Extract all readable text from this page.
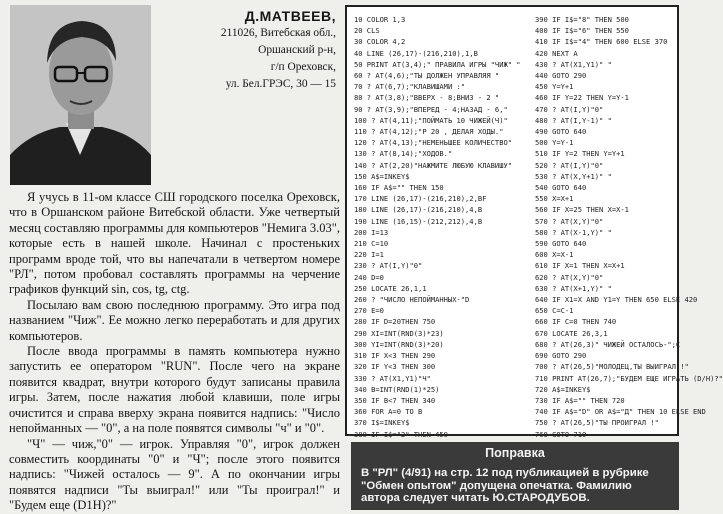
Д.МАТВЕЕВ,
211026, Витебская обл.,
Оршанский р-н,
г/п Ореховск,
ул. Бел.ГРЭС, 30 — 15

Я учусь в 11-ом классе СШ городского поселка Ореховск, что в Оршанском районе Витебской области. Уже четвертый месяц составляю программы для компьютеров "Немига 3.03", которые есть в нашей школе. Начинал с простеньких программ вроде той, что вы напечатали в четвертом номере "РЛ", потом пробовал составлять программы на черчение графиков функций sin, cos, tg, ctg.

Посылаю вам свою последнюю программу. Это игра под названием "Чиж". Ее можно легко переработать и для других компьютеров.

После ввода программы в память компьютера нужно запустить ее оператором "RUN". После чего на экране появится квадрат, внутри которого будут записаны правила игры. Затем, после нажатия любой клавиши, поле игры очистится и справа вверху экрана появится надпись: "Число непойманных — "0", а на поле появятся символы "ч" и "0".

"Ч" — чиж,"0" — игрок. Управляя "0", игрок должен совместить координаты "0" и "Ч"; после этого появится надпись: "Чижей осталось — 9". А по окончании игры появятся надписи "Ты выиграл!" или "Ты проиграл!" и "Будем еще (D1H)?"

10 COLOR 1,3
20 CLS
30 COLOR 4,2
40 LINE (26,17)-(216,210),1,B
50 PRINT AT(3,4);" ПРАВИЛА ИГРЫ "ЧИЖ" "
60 ? AT(4,6);"ТЫ ДОЛЖЕН УПРАВЛЯЯ "
70 ? AT(6,7);"КЛАВИШАМИ :"
80 ? AT(3,8);"ВВЕРХ - 8;ВНИЗ - 2 "
90 ? AT(3,9);"ВПЕРЕД - 4;НАЗАД - 6,"
100 ? AT(4,11);"ПОЙМАТЬ 10 ЧИЖЕЙ(Ч)"
110 ? AT(4,12);"Р 20 , ДЕЛАЯ ХОДЫ."
120 ? AT(4,13);"НЕМЕНЬШЕЕ КОЛИЧЕСТВО"
130 ? AT(8,14);"ХОДОВ."
140 ? AT(2,20)"НАЖМИТЕ ЛЮБУЮ КЛАВИШУ"
150 A$=INKEY$
160 IF A$="" THEN 150
170 LINE (26,17)-(216,210),2,BF
180 LINE (26,17)-(216,210),4,B
190 LINE (16,15)-(212,212),4,B
200 I=13
210 C=10
220 I=1
230 ? AT(I,Y)"0"
240 D=0
250 LOCATE 26,1,1
260 ? "ЧИСЛО НЕПОЙМАННЫХ-"D
270 E=0
280 IF D=20THEN 750
290 XI=INT(RND(3)*23)
300 YI=INT(RND(3)*20)
310 IF X<3 THEN 290
320 IF Y<3 THEN 300
330 ? AT(X1,Y1)"Ч"
340 B=INT(RND(1)*25)
350 IF B<7 THEN 340
360 FOR A=0 TO B
370 I$=INKEY$
380 IF I$="2" THEN 450
390 IF I$="8" THEN 500
400 IF I$="6" THEN 550
410 IF I$="4" THEN 600 ELSE 370
420 NEXT A
430 ? AT(X1,Y1)" "
440 GOTO 290
450 Y=Y+1
460 IF Y=22 THEN Y=Y-1
470 ? AT(I,Y)"0"
480 ? AT(I,Y-1)" "
490 GOTO 640
500 Y=Y-1
510 IF Y=2 THEN Y=Y+1
520 ? AT(I,Y)"0"
530 ? AT(X,Y+1)" "
540 GOTO 640
550 X=X+1
560 IF X=25 THEN X=X-1
570 ? AT(X,Y)"0"
580 ? AT(X-1,Y)" "
590 GOTO 640
600 X=X-1
610 IF X=1 THEN X=X+1
620 ? AT(X,Y)"0"
630 ? AT(X+1,Y)" "
640 IF X1=X AND Y1=Y THEN 650 ELSE 420
650 C=C-1
660 IF C=0 THEN 740
670 LOCATE 26,3,1
680 ? AT(26,3)" ЧИЖЕЙ ОСТАЛОСЬ-";C
690 GOTO 290
700 ? AT(26,5)"МОЛОДЕЦ,ТЫ ВЫИГРАЛ !"
710 PRINT AT(26,7);"БУДЕМ ЕЩЕ ИГРАТЬ (D/H)?"
720 A$=INKEY$
730 IF A$="" THEN 720
740 IF A$="D" OR A$="Д" THEN 10 ELSE END
750 ? AT(26,5)"ТЫ ПРОИГРАЛ !"
760 GOTO 710
Поправка
В "РЛ" (4/91) на стр. 12 под публикацией в рубрике "Обмен опытом" допущена опечатка. Фамилию автора следует читать Ю.СТАРОДУБОВ.
